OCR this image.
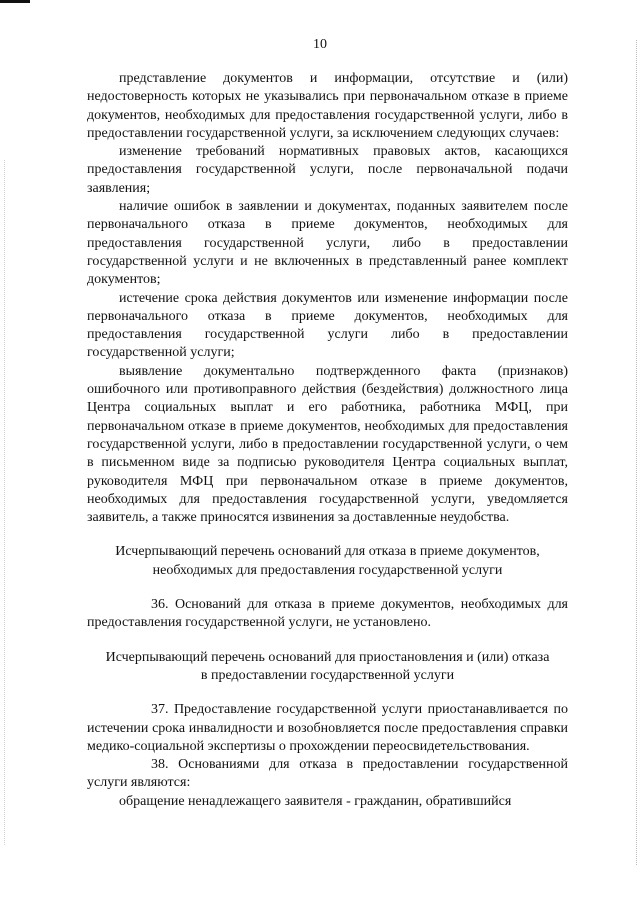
10

представление документов и информации, отсутствие и (или) недостоверность которых не указывались при первоначальном отказе в приеме документов, необходимых для предоставления государственной услуги, либо в предоставлении государственной услуги, за исключением следующих случаев:

изменение требований нормативных правовых актов, касающихся предоставления государственной услуги, после первоначальной подачи заявления;

наличие ошибок в заявлении и документах, поданных заявителем после первоначального отказа в приеме документов, необходимых для предоставления государственной услуги, либо в предоставлении государственной услуги и не включенных в представленный ранее комплект документов;

истечение срока действия документов или изменение информации после первоначального отказа в приеме документов, необходимых для предоставления государственной услуги либо в предоставлении государственной услуги;

выявление документально подтвержденного факта (признаков) ошибочного или противоправного действия (бездействия) должностного лица Центра социальных выплат и его работника, работника МФЦ, при первоначальном отказе в приеме документов, необходимых для предоставления государственной услуги, либо в предоставлении государственной услуги, о чем в письменном виде за подписью руководителя Центра социальных выплат, руководителя МФЦ при первоначальном отказе в приеме документов, необходимых для предоставления государственной услуги, уведомляется заявитель, а также приносятся извинения за доставленные неудобства.

Исчерпывающий перечень оснований для отказа в приеме документов,
необходимых для предоставления государственной услуги

36. Оснований для отказа в приеме документов, необходимых для предоставления государственной услуги, не установлено.

Исчерпывающий перечень оснований для приостановления и (или) отказа
в предоставлении государственной услуги

37. Предоставление государственной услуги приостанавливается по истечении срока инвалидности и возобновляется после предоставления справки медико-социальной экспертизы о прохождении переосвидетельствования.

38. Основаниями для отказа в предоставлении государственной услуги являются:

обращение ненадлежащего заявителя - гражданин, обратившийся
